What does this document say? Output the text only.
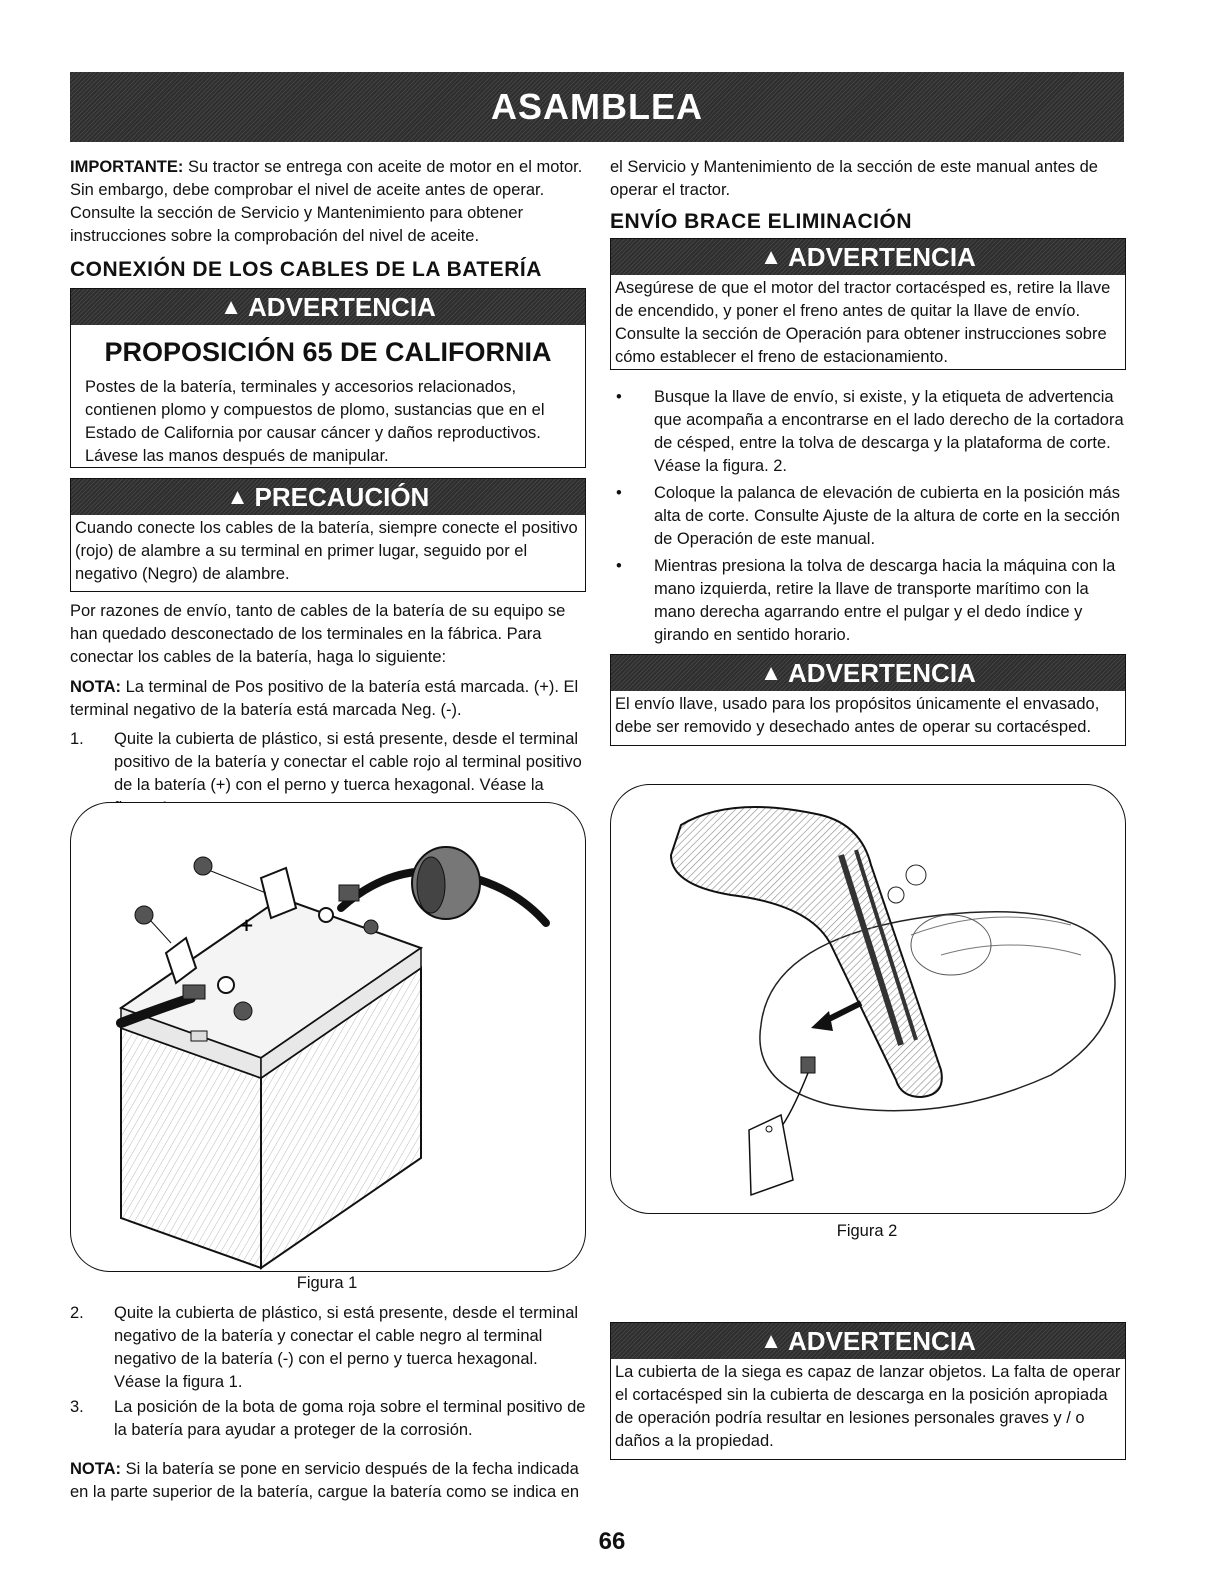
ASAMBLEA
IMPORTANTE: Su tractor se entrega con aceite de motor en el motor. Sin embargo, debe comprobar el nivel de aceite antes de operar. Consulte la sección de Servicio y Mantenimiento para obtener instrucciones sobre la comprobación del nivel de aceite.
CONEXIÓN DE LOS CABLES DE LA BATERÍA
▲ ADVERTENCIA
PROPOSICIÓN 65 DE CALIFORNIA
Postes de la batería, terminales y accesorios relacionados, contienen plomo y compuestos de plomo, sustancias que en el Estado de California por causar cáncer y daños reproductivos. Lávese las manos después de manipular.
▲ PRECAUCIÓN
Cuando conecte los cables de la batería, siempre conecte el positivo (rojo) de alambre a su terminal en primer lugar, seguido por el negativo (Negro) de alambre.
Por razones de envío, tanto de cables de la batería de su equipo se han quedado desconectado de los terminales en la fábrica. Para conectar los cables de la batería, haga lo siguiente:
NOTA: La terminal de Pos positivo de la batería está marcada. (+). El terminal negativo de la batería está marcada Neg. (-).
1. Quite la cubierta de plástico, si está presente, desde el terminal positivo de la batería y conectar el cable rojo al terminal positivo de la batería (+) con el perno y tuerca hexagonal. Véase la
+
Figura 1
2. Quite la cubierta de plástico, si está presente, desde el terminal negativo de la batería y conectar el cable negro al terminal negativo de la batería (-) con el perno y tuerca hexagonal. Véase la figura 1.
3. La posición de la bota de goma roja sobre el terminal positivo de la batería para ayudar a proteger de la corrosión.
NOTA: Si la batería se pone en servicio después de la fecha indicada en la parte superior de la batería, cargue la batería como se indica en
el Servicio y Mantenimiento de la sección de este manual antes de operar el tractor.
ENVÍO BRACE ELIMINACIÓN
▲ ADVERTENCIA
Asegúrese de que el motor del tractor cortacésped es, retire la llave de encendido, y poner el freno antes de quitar la llave de envío. Consulte la sección de Operación para obtener instrucciones sobre cómo establecer el freno de estacionamiento.
• Busque la llave de envío, si existe, y la etiqueta de advertencia que acompaña a encontrarse en el lado derecho de la cortadora de césped, entre la tolva de descarga y la plataforma de corte. Véase la figura. 2.
• Coloque la palanca de elevación de cubierta en la posición más alta de corte. Consulte Ajuste de la altura de corte en la sección de Operación de este manual.
• Mientras presiona la tolva de descarga hacia la máquina con la mano izquierda, retire la llave de transporte marítimo con la mano derecha agarrando entre el pulgar y el dedo índice y girando en sentido horario.
▲ ADVERTENCIA
El envío llave, usado para los propósitos únicamente el envasado, debe ser removido y desechado antes de operar su cortacésped.
Figura 2
▲ ADVERTENCIA
La cubierta de la siega es capaz de lanzar objetos. La falta de operar el cortacésped sin la cubierta de descarga en la posición apropiada de operación podría resultar en lesiones personales graves y / o daños a la propiedad.
66
